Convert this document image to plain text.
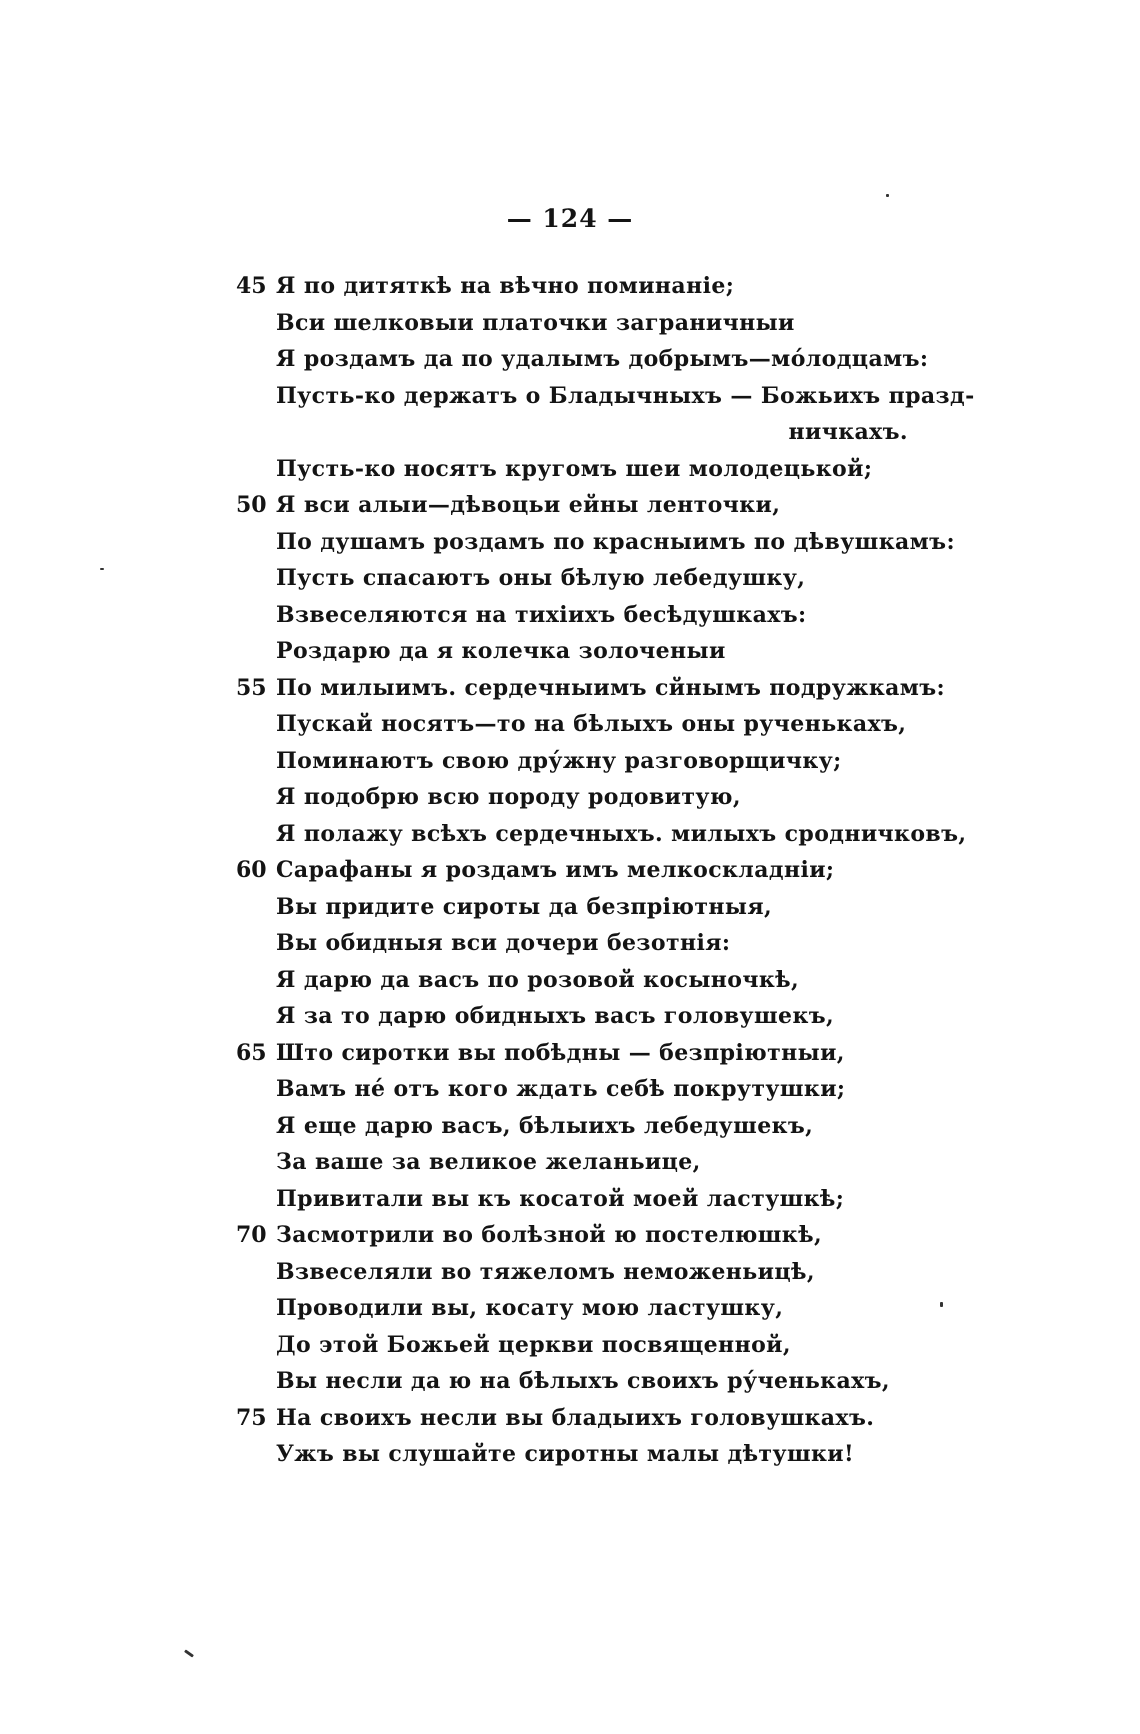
— 124 —
45 Я по дитяткѣ на вѣчно поминаніе;
Вси шелковыи платочки заграничныи
Я роздамъ да по удалымъ добрымъ—мо́лодцамъ:
Пусть-ко держатъ о Бладычныхъ — Божьихъ празд-
ничкахъ.
Пусть-ко носятъ кругомъ шеи молодецькой;
50 Я вси алыи—дѣвоцьи ейны ленточки,
По душамъ роздамъ по красныимъ по дѣвушкамъ:
Пусть спасаютъ оны бѣлую лебедушку,
Взвеселяются на тихіихъ бесѣдушкахъ:
Роздарю да я колечка золоченыи
55 По милыимъ. сердечныимъ сйнымъ подружкамъ:
Пускай носятъ—то на бѣлыхъ оны рученькахъ,
Поминаютъ свою дру́жну разговорщичку;
Я подобрю всю породу родовитую,
Я полажу всѣхъ сердечныхъ. милыхъ сродничковъ,
60 Сарафаны я роздамъ имъ мелкоскладніи;
Вы придите сироты да безпріютныя,
Вы обидныя вси дочери безотнія:
Я дарю да васъ по розовой косыночкѣ,
Я за то дарю обидныхъ васъ головушекъ,
65 Што сиротки вы побѣдны — безпріютныи,
Вамъ не́ отъ кого ждать себѣ покрутушки;
Я еще дарю васъ, бѣлыихъ лебедушекъ,
За ваше за великое желаньице,
Привитали вы къ косатой моей ластушкѣ;
70 Засмотрили во болѣзной ю постелюшкѣ,
Взвеселяли во тяжеломъ неможеньицѣ,
Проводили вы, косату мою ластушку,
До этой Божьей церкви посвященной,
Вы несли да ю на бѣлыхъ своихъ ру́ченькахъ,
75 На своихъ несли вы бладыихъ головушкахъ.
Ужъ вы слушайте сиротны малы дѣтушки!
